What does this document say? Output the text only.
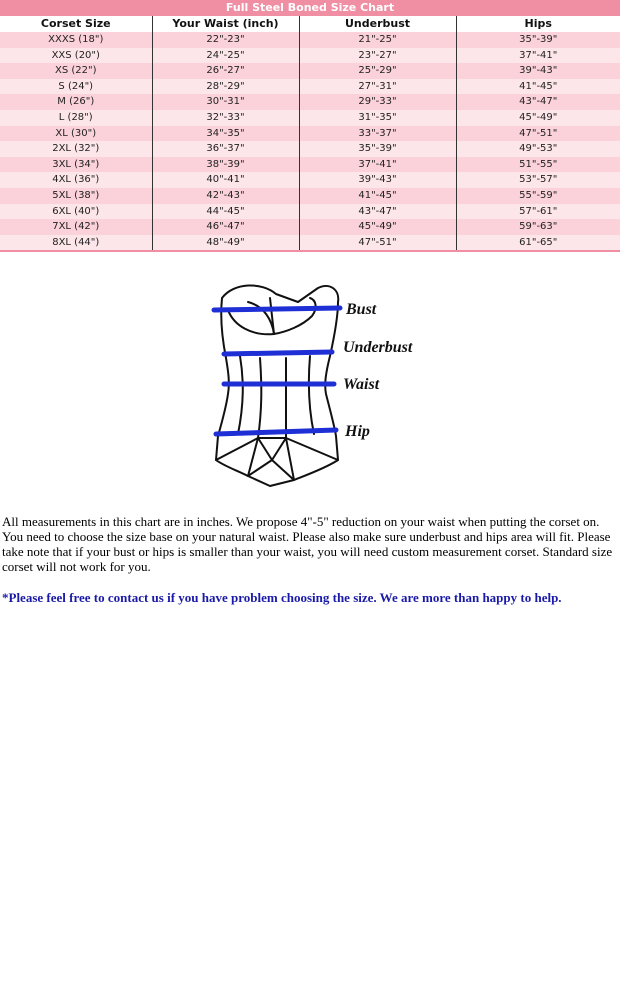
Full Steel Boned Size Chart			
Corset Size	Your Waist (inch)	Underbust	Hips
XXXS (18")	22"-23"	21"-25"	35"-39"
XXS (20")	24"-25"	23"-27"	37"-41"
XS (22")	26"-27"	25"-29"	39"-43"
S (24")	28"-29"	27"-31"	41"-45"
M (26")	30"-31"	29"-33"	43"-47"
L (28")	32"-33"	31"-35"	45"-49"
XL (30")	34"-35"	33"-37"	47"-51"
2XL (32")	36"-37"	35"-39"	49"-53"
3XL (34")	38"-39"	37"-41"	51"-55"
4XL (36")	40"-41"	39"-43"	53"-57"
5XL (38")	42"-43"	41"-45"	55"-59"
6XL (40")	44"-45"	43"-47"	57"-61"
7XL (42")	46"-47"	45"-49"	59"-63"
8XL (44")	48"-49"	47"-51"	61"-65"
Bust
Underbust
Waist
Hip

All measurements in this chart are in inches. We propose 4"-5" reduction on your waist when putting the corset on. You need to choose the size base on your natural waist. Please also make sure underbust and hips area will fit. Please take note that if your bust or hips is smaller than your waist, you will need custom measurement corset. Standard size corset will not work for you.

*Please feel free to contact us if you have problem choosing the size. We are more than happy to help.
